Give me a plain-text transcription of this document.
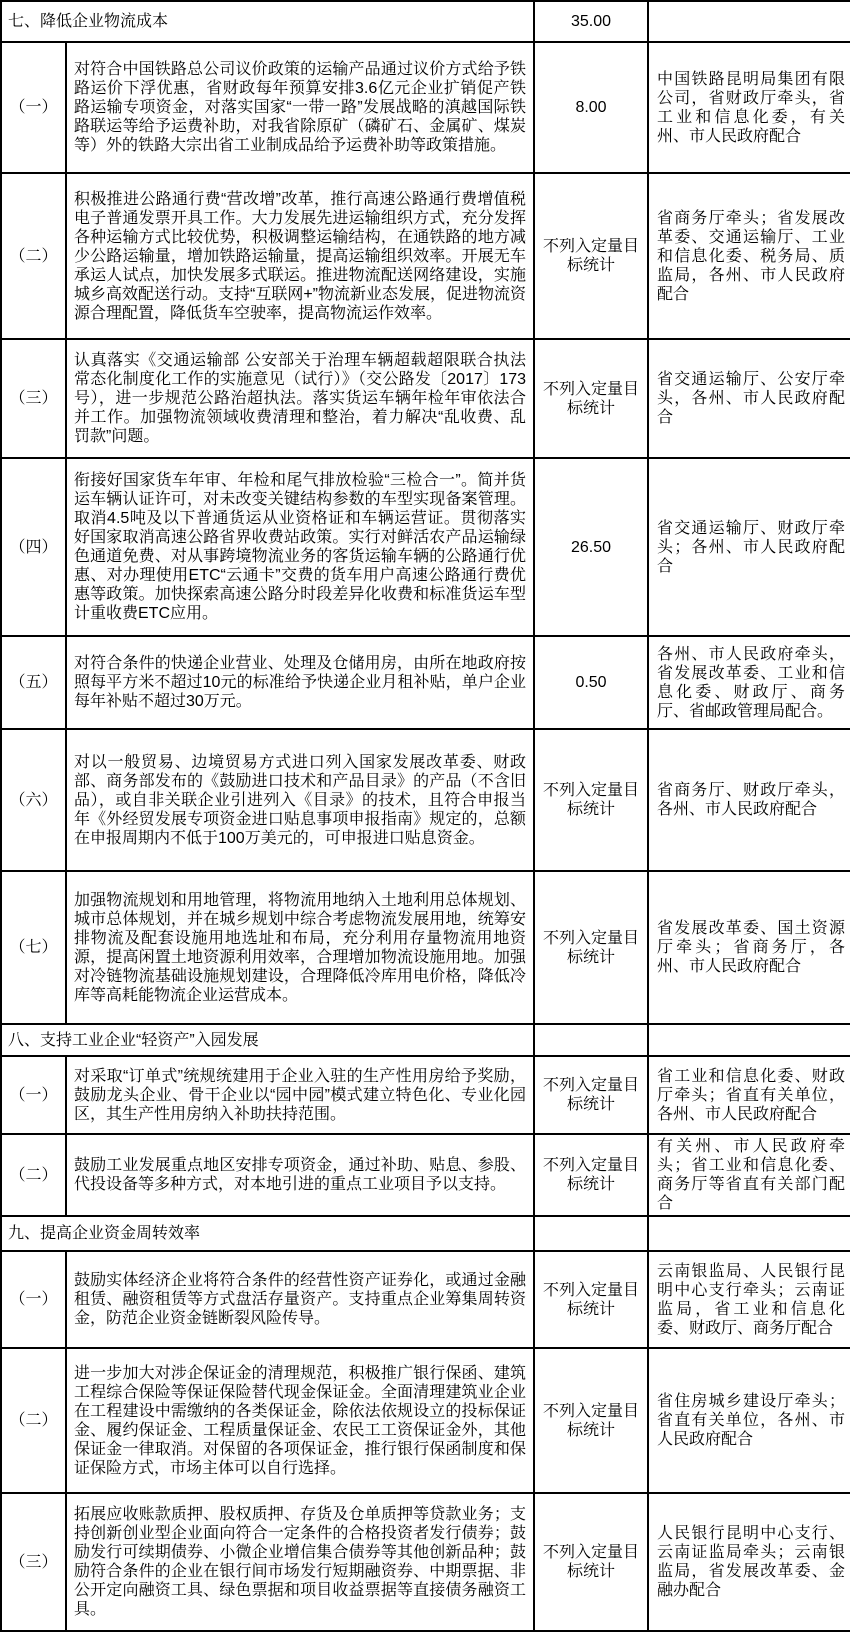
七、降低企业物流成本		35.00	
（一）	对符合中国铁路总公司议价政策的运输产品通过议价方式给予铁路运价下浮优惠，省财政每年预算安排3.6亿元企业扩销促产铁路运输专项资金，对落实国家“一带一路”发展战略的滇越国际铁路联运等给予运费补助，对我省除原矿（磷矿石、金属矿、煤炭等）外的铁路大宗出省工业制成品给予运费补助等政策措施。	8.00	中国铁路昆明局集团有限公司，省财政厅牵头，省工业和信息化委，有关州、市人民政府配合
（二）	积极推进公路通行费“营改增”改革，推行高速公路通行费增值税电子普通发票开具工作。大力发展先进运输组织方式，充分发挥各种运输方式比较优势，积极调整运输结构，在通铁路的地方减少公路运输量，增加铁路运输量，提高运输组织效率。开展无车承运人试点，加快发展多式联运。推进物流配送网络建设，实施城乡高效配送行动。支持“互联网+”物流新业态发展，促进物流资源合理配置，降低货车空驶率，提高物流运作效率。	不列入定量目标统计	省商务厅牵头；省发展改革委、交通运输厅、工业和信息化委、税务局、质监局，各州、市人民政府配合
（三）	认真落实《交通运输部 公安部关于治理车辆超载超限联合执法常态化制度化工作的实施意见（试行）》（交公路发〔2017〕173号），进一步规范公路治超执法。落实货运车辆年检年审依法合并工作。加强物流领域收费清理和整治，着力解决“乱收费、乱罚款”问题。	不列入定量目标统计	省交通运输厅、公安厅牵头，各州、市人民政府配合
（四）	衔接好国家货车年审、年检和尾气排放检验“三检合一”。简并货运车辆认证许可，对未改变关键结构参数的车型实现备案管理。取消4.5吨及以下普通货运从业资格证和车辆运营证。贯彻落实好国家取消高速公路省界收费站政策。实行对鲜活农产品运输绿色通道免费、对从事跨境物流业务的客货运输车辆的公路通行优惠、对办理使用ETC“云通卡”交费的货车用户高速公路通行费优惠等政策。加快探索高速公路分时段差异化收费和标准货运车型计重收费ETC应用。	26.50	省交通运输厅、财政厅牵头；各州、市人民政府配合
（五）	对符合条件的快递企业营业、处理及仓储用房，由所在地政府按照每平方米不超过10元的标准给予快递企业月租补贴，单户企业每年补贴不超过30万元。	0.50	各州、市人民政府牵头，省发展改革委、工业和信息化委、财政厅、商务厅、省邮政管理局配合。
（六）	对以一般贸易、边境贸易方式进口列入国家发展改革委、财政部、商务部发布的《鼓励进口技术和产品目录》的产品（不含旧品），或自非关联企业引进列入《目录》的技术，且符合申报当年《外经贸发展专项资金进口贴息事项申报指南》规定的，总额在申报周期内不低于100万美元的，可申报进口贴息资金。	不列入定量目标统计	省商务厅、财政厅牵头，各州、市人民政府配合
（七）	加强物流规划和用地管理，将物流用地纳入土地利用总体规划、城市总体规划，并在城乡规划中综合考虑物流发展用地，统筹安排物流及配套设施用地选址和布局，充分利用存量物流用地资源，提高闲置土地资源利用效率，合理增加物流设施用地。加强对冷链物流基础设施规划建设，合理降低冷库用电价格，降低冷库等高耗能物流企业运营成本。	不列入定量目标统计	省发展改革委、国土资源厅牵头；省商务厅，各州、市人民政府配合
八、支持工业企业“轻资产”入园发展			
（一）	对采取“订单式”统规统建用于企业入驻的生产性用房给予奖励，鼓励龙头企业、骨干企业以“园中园”模式建立特色化、专业化园区，其生产性用房纳入补助扶持范围。	不列入定量目标统计	省工业和信息化委、财政厅牵头；省直有关单位，各州、市人民政府配合
（二）	鼓励工业发展重点地区安排专项资金，通过补助、贴息、参股、代投设备等多种方式，对本地引进的重点工业项目予以支持。	不列入定量目标统计	有关州、市人民政府牵头；省工业和信息化委、商务厅等省直有关部门配合
九、提高企业资金周转效率			
（一）	鼓励实体经济企业将符合条件的经营性资产证券化，或通过金融租赁、融资租赁等方式盘活存量资产。支持重点企业筹集周转资金，防范企业资金链断裂风险传导。	不列入定量目标统计	云南银监局、人民银行昆明中心支行牵头；云南证监局，省工业和信息化委、财政厅、商务厅配合
（二）	进一步加大对涉企保证金的清理规范，积极推广银行保函、建筑工程综合保险等保证保险替代现金保证金。全面清理建筑业企业在工程建设中需缴纳的各类保证金，除依法依规设立的投标保证金、履约保证金、工程质量保证金、农民工工资保证金外，其他保证金一律取消。对保留的各项保证金，推行银行保函制度和保证保险方式，市场主体可以自行选择。	不列入定量目标统计	省住房城乡建设厅牵头；省直有关单位，各州、市人民政府配合
（三）	拓展应收账款质押、股权质押、存货及仓单质押等贷款业务；支持创新创业型企业面向符合一定条件的合格投资者发行债券；鼓励发行可续期债券、小微企业增信集合债券等其他创新品种；鼓励符合条件的企业在银行间市场发行短期融资券、中期票据、非公开定向融资工具、绿色票据和项目收益票据等直接债务融资工具。	不列入定量目标统计	人民银行昆明中心支行、云南证监局牵头；云南银监局，省发展改革委、金融办配合
